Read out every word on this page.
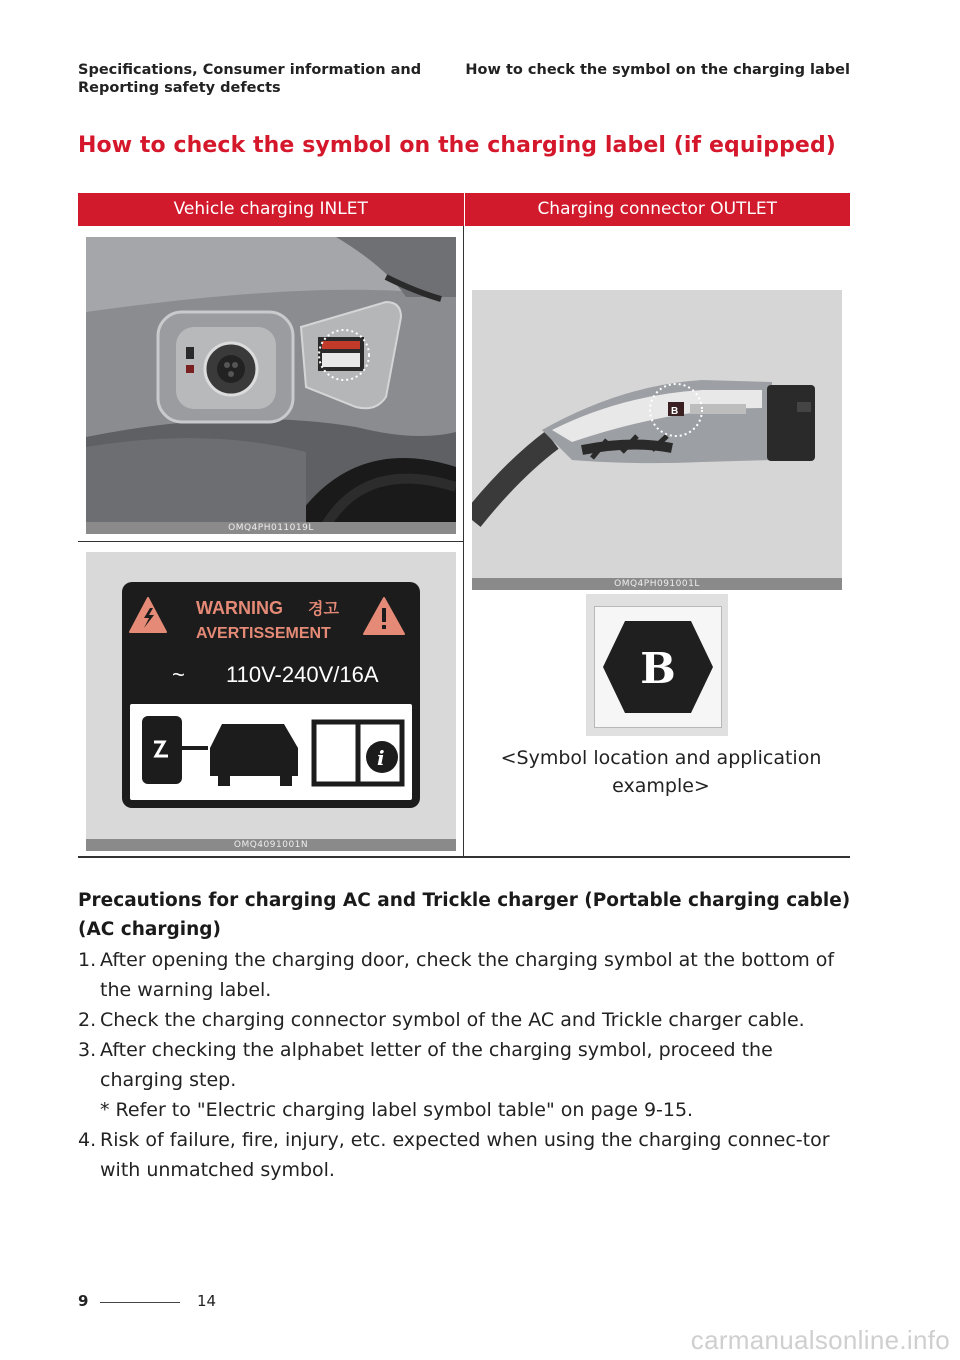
Specifications, Consumer information and Reporting safety defects
How to check the symbol on the charging label
How to check the symbol on the charging label (if equipped)
Vehicle charging INLET	Charging connector OUTLET
OMQ4PH011019L
WARNING 경고
AVERTISSEMENT
~ 110V-240V/16A
i
OMQ4091001N
B
OMQ4PH091001L
B
<Symbol location and application example>
Precautions for charging AC and Trickle charger (Portable charging cable) (AC charging)
1. After opening the charging door, check the charging symbol at the bottom of the warning label.
2. Check the charging connector symbol of the AC and Trickle charger cable.
3. After checking the alphabet letter of the charging symbol, proceed the charging step.
* Refer to "Electric charging label symbol table" on page 9-15.
4. Risk of failure, fire, injury, etc. expected when using the charging connec-tor with unmatched symbol.
9	14
carmanualsonline.info
